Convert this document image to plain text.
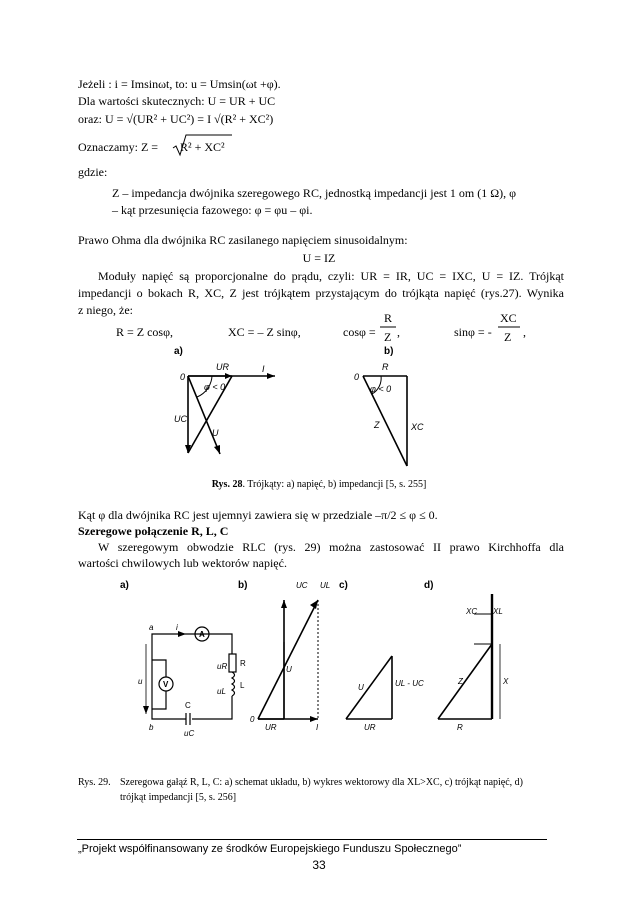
Jeżeli : i = Imsinωt, to: u = Umsin(ωt +φ).
Dla wartości skutecznych: U = UR + UC
oraz: U = √(UR² + UC²) = I √(R² + XC²)
Oznaczamy: Z = R² + XC²
gdzie:
Z – impedancja dwójnika szeregowego RC, jednostką impedancji jest 1 om (1 Ω), φ
– kąt przesunięcia fazowego: φ = φu – φi.
Prawo Ohma dla dwójnika RC zasilanego napięciem sinusoidalnym:
U = IZ
Moduły napięć są proporcjonalne do prądu, czyli: UR = IR, UC = IXC, U = IZ. Trójkąt
impedancji o bokach R, XC, Z jest trójkątem przystającym do trójkąta napięć (rys.27). Wynika
z niego, że:
R = Z cosφ,	XC = – Z sinφ,	cosφ =
R
Z ,	sinφ = -
XC
Z ,
a)	b)
UR
φ < 0
I
U
UC
0
R
φ < 0
0
Z	XC
Rys. 28. Trójkąty: a) napięć, b) impedancji [5, s. 255]
Kąt φ dla dwójnika RC jest ujemnyi zawiera się w przedziale –π/2 ≤ φ ≤ 0.
Szeregowe połączenie R, L, C
W szeregowym obwodzie RLC (rys. 29) można zastosować II prawo Kirchhoffa dla
wartości chwilowych lub wektorów napięć.
a)	b)	c)	d)
a
b
i
u
uR
uL
uC
A
V
R
L
C
UR	I
0
UC UL
U
UR
UL - UC
U
R
XC XL
X
Z
Rys. 29. Szeregowa gałąź R, L, C: a) schemat układu, b) wykres wektorowy dla XL>XC, c) trójkąt napięć, d)
trójkąt impedancji [5, s. 256]
„Projekt współfinansowany ze środków Europejskiego Funduszu Społecznego”
33
